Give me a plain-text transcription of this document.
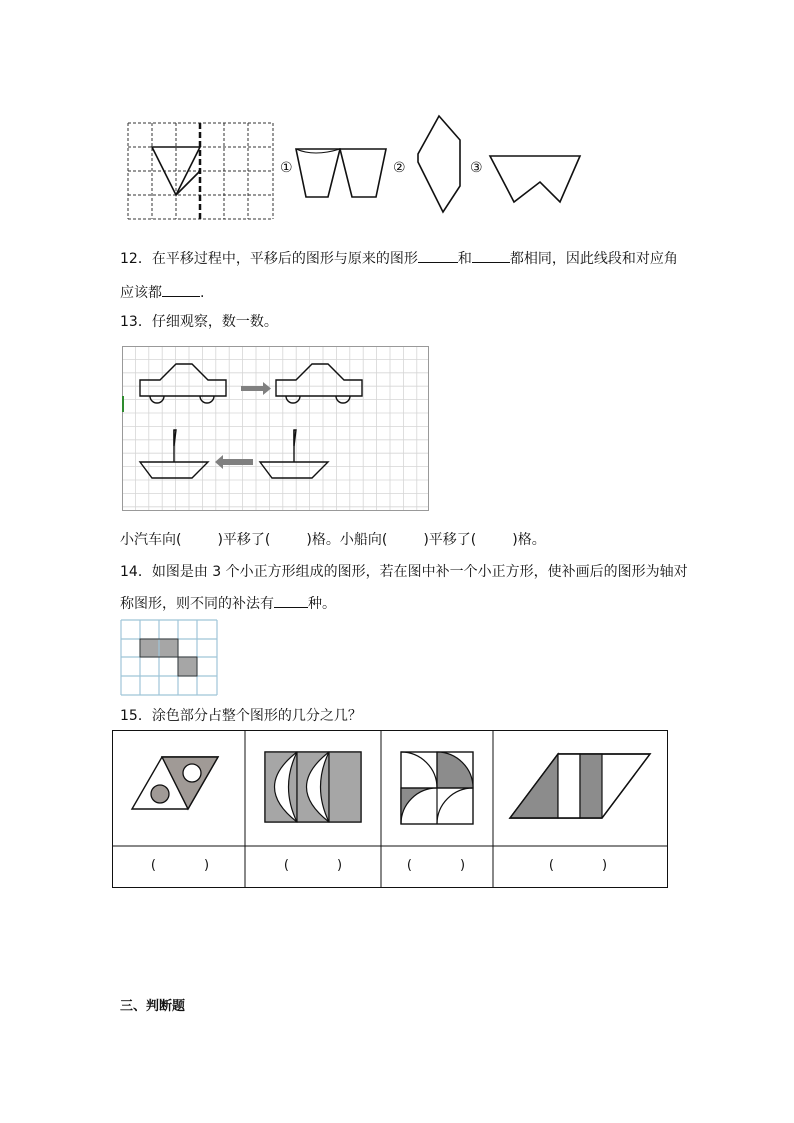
①	②	③
12．在平移过程中，平移后的图形与原来的图形	和	都相同，因此线段和对应角
应该都	.
13．仔细观察，数一数。
小汽车向(	)平移了(	)格。小船向(	)平移了(	)格。
14．如图是由 3 个小正方形组成的图形，若在图中补一个小正方形，使补画后的图形为轴对
称图形，则不同的补法有 种。
15．涂色部分占整个图形的几分之几？
(	)	(	)	(	)	(	)
三、判断题
